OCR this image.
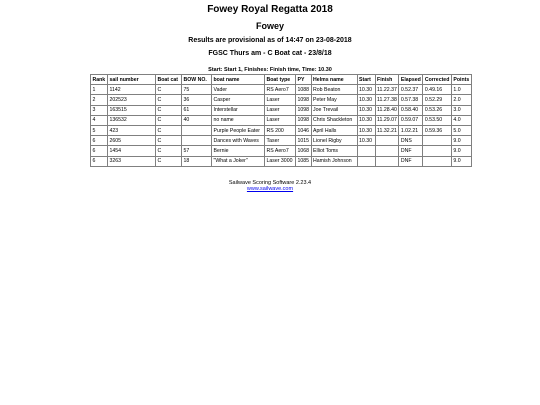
Fowey Royal Regatta 2018
Fowey
Results are provisional as of 14:47 on 23-08-2018
FGSC Thurs am - C Boat cat - 23/8/18
Start: Start 1, Finishes: Finish time, Time: 10.30
Rank	sail number	Boat cat	BOW NO.	boat name	Boat type	PY	Helms name	Start	Finish	Elapsed	Corrected	Points
1	1142	C	75	Vader	RS Aero7	1088	Rob Beaton	10.30	11.22.37	0.52.37	0.49.16	1.0
2	202523	C	36	Casper	Laser	1098	Peter May	10.30	11.27.38	0.57.38	0.52.29	2.0
3	163515	C	61	Interstellar	Laser	1098	Joe Trevail	10.30	11.28.40	0.58.40	0.53.26	3.0
4	136532	C	40	no name	Laser	1098	Chris Shackleton	10.30	11.29.07	0.59.07	0.53.50	4.0
5	423	C		Purple People Eater	RS 200	1046	April Halls	10.30	11.32.21	1.02.21	0.59.36	5.0
6	2605	C		Dances with Waves	Taser	1015	Lionel Rigby	10.30		DNS		9.0
6	1454	C	57	Bernie	RS Aero7	1068	Elliot Toms			DNF		9.0
6	3263	C	18	"What a Joker"	Laser 3000	1085	Hamish Johnson			DNF		9.0
Sailwave Scoring Software 2.23.4
www.sailwave.com
